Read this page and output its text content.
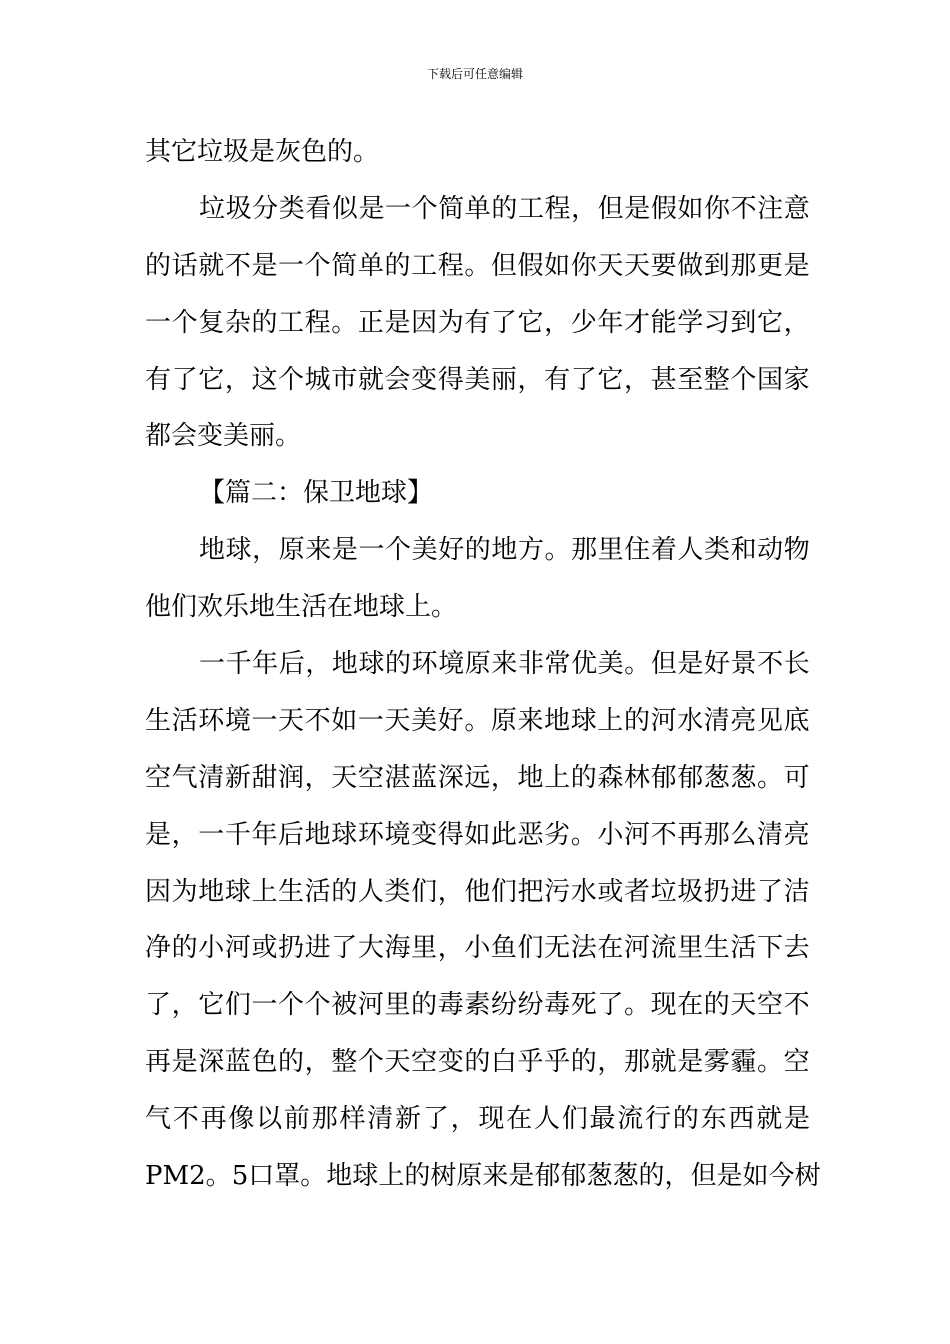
下载后可任意编辑
其它垃圾是灰色的。
垃 圾 分 类 看 似 是 一 个 简 单 的 工 程 ， 但 是 假 如 你 不 注 意
的 话 就 不 是 一 个 简 单 的 工 程 。 但 假 如 你 天 天 要 做 到 那 更 是
一 个 复 杂 的 工 程 。 正 是 因 为 有 了 它 ， 少 年 才 能 学 习 到 它 ，
有 了 它 ， 这 个 城 市 就 会 变 得 美 丽 ， 有 了 它 ， 甚 至 整 个 国 家
都会变美丽。
【篇二：保卫地球】
地 球 ， 原 来 是 一 个 美 好 的 地 方 。 那 里 住 着 人 类 和 动 物
他们欢乐地生活在地球上。
一 千 年 后 ， 地 球 的 环 境 原 来 非 常 优 美 。 但 是 好 景 不 长
生 活 环 境 一 天 不 如 一 天 美 好 。 原 来 地 球 上 的 河 水 清 亮 见 底
空 气 清 新 甜 润 ， 天 空 湛 蓝 深 远 ， 地 上 的 森 林 郁 郁 葱 葱 。 可
是 ， 一 千 年 后 地 球 环 境 变 得 如 此 恶 劣 。 小 河 不 再 那 么 清 亮
因 为 地 球 上 生 活 的 人 类 们 ， 他 们 把 污 水 或 者 垃 圾 扔 进 了 洁
净 的 小 河 或 扔 进 了 大 海 里 ， 小 鱼 们 无 法 在 河 流 里 生 活 下 去
了 ， 它 们 一 个 个 被 河 里 的 毒 素 纷 纷 毒 死 了 。 现 在 的 天 空 不
再 是 深 蓝 色 的 ， 整 个 天 空 变 的 白 乎 乎 的 ， 那 就 是 雾 霾 。 空
气 不 再 像 以 前 那 样 清 新 了 ， 现 在 人 们 最 流 行 的 东 西 就 是
PM2 。 5 口 罩 。 地 球 上 的 树 原 来 是 郁 郁 葱 葱 的 ， 但 是 如 今 树
